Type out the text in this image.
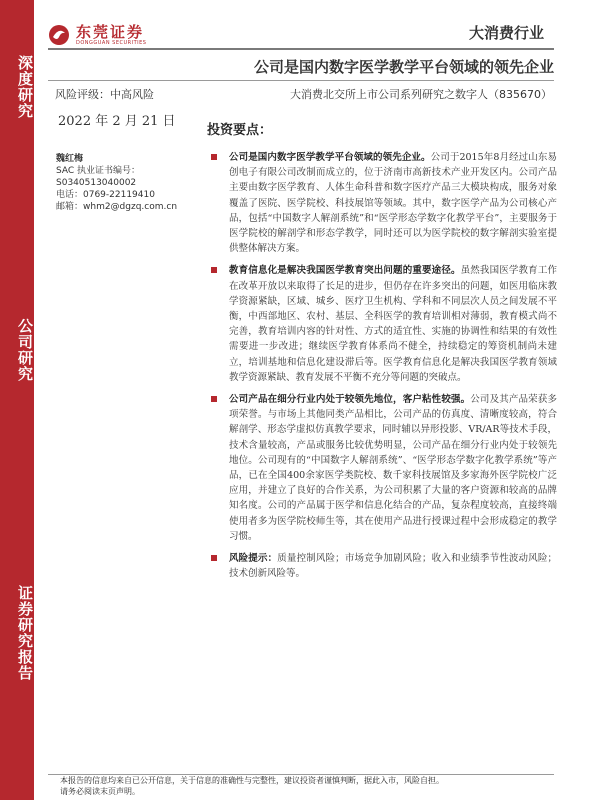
深度研究
公司研究
证券研究报告
东莞证券
DONGGUAN SECURITIES
大消费行业
公司是国内数字医学教学平台领域的领先企业
风险评级：中高风险	大消费北交所上市公司系列研究之数字人（835670）
2022 年 2 月 21 日
魏红梅
SAC 执业证书编号：
S0340513040002
电话：0769-22119410
邮箱：whm2@dgzq.com.cn
投资要点：
公司是国内数字医学教学平台领域的领先企业。公司于2015年8月经过山东易创电子有限公司改制而成立的，位于济南市高新技术产业开发区内。公司产品主要由数字医学教育、人体生命科普和数字医疗产品三大模块构成，服务对象覆盖了医院、医学院校、科技展馆等领域。其中，数字医学产品为公司核心产品，包括“中国数字人解剖系统”和“医学形态学数字化教学平台”，主要服务于医学院校的解剖学和形态学教学，同时还可以为医学院校的数字解剖实验室提供整体解决方案。
教育信息化是解决我国医学教育突出问题的重要途径。虽然我国医学教育工作在改革开放以来取得了长足的进步，但仍存在许多突出的问题，如医用临床教学资源紧缺，区域、城乡、医疗卫生机构、学科和不同层次人员之间发展不平衡，中西部地区、农村、基层、全科医学的教育培训相对薄弱，教育模式尚不完善，教育培训内容的针对性、方式的适宜性、实施的协调性和结果的有效性需要进一步改进；继续医学教育体系尚不健全，持续稳定的筹资机制尚未建立，培训基地和信息化建设滞后等。医学教育信息化是解决我国医学教育领域教学资源紧缺、教育发展不平衡不充分等问题的突破点。
公司产品在细分行业内处于较领先地位，客户粘性较强。公司及其产品荣获多项荣誉。与市场上其他同类产品相比，公司产品的仿真度、清晰度较高，符合解剖学、形态学虚拟仿真教学要求，同时辅以异形投影、VR/AR等技术手段，技术含量较高，产品或服务比较优势明显，公司产品在细分行业内处于较领先地位。公司现有的“中国数字人解剖系统”、“医学形态学数字化教学系统”等产品，已在全国400余家医学类院校、数千家科技展馆及多家海外医学院校广泛应用，并建立了良好的合作关系，为公司积累了大量的客户资源和较高的品牌知名度。公司的产品属于医学和信息化结合的产品，复杂程度较高，直接终端使用者多为医学院校师生等，其在使用产品进行授课过程中会形成稳定的教学习惯。
风险提示：质量控制风险；市场竞争加剧风险；收入和业绩季节性波动风险；技术创新风险等。
本报告的信息均来自已公开信息，关于信息的准确性与完整性，建议投资者谨慎判断，据此入市，风险自担。
请务必阅读末页声明。
